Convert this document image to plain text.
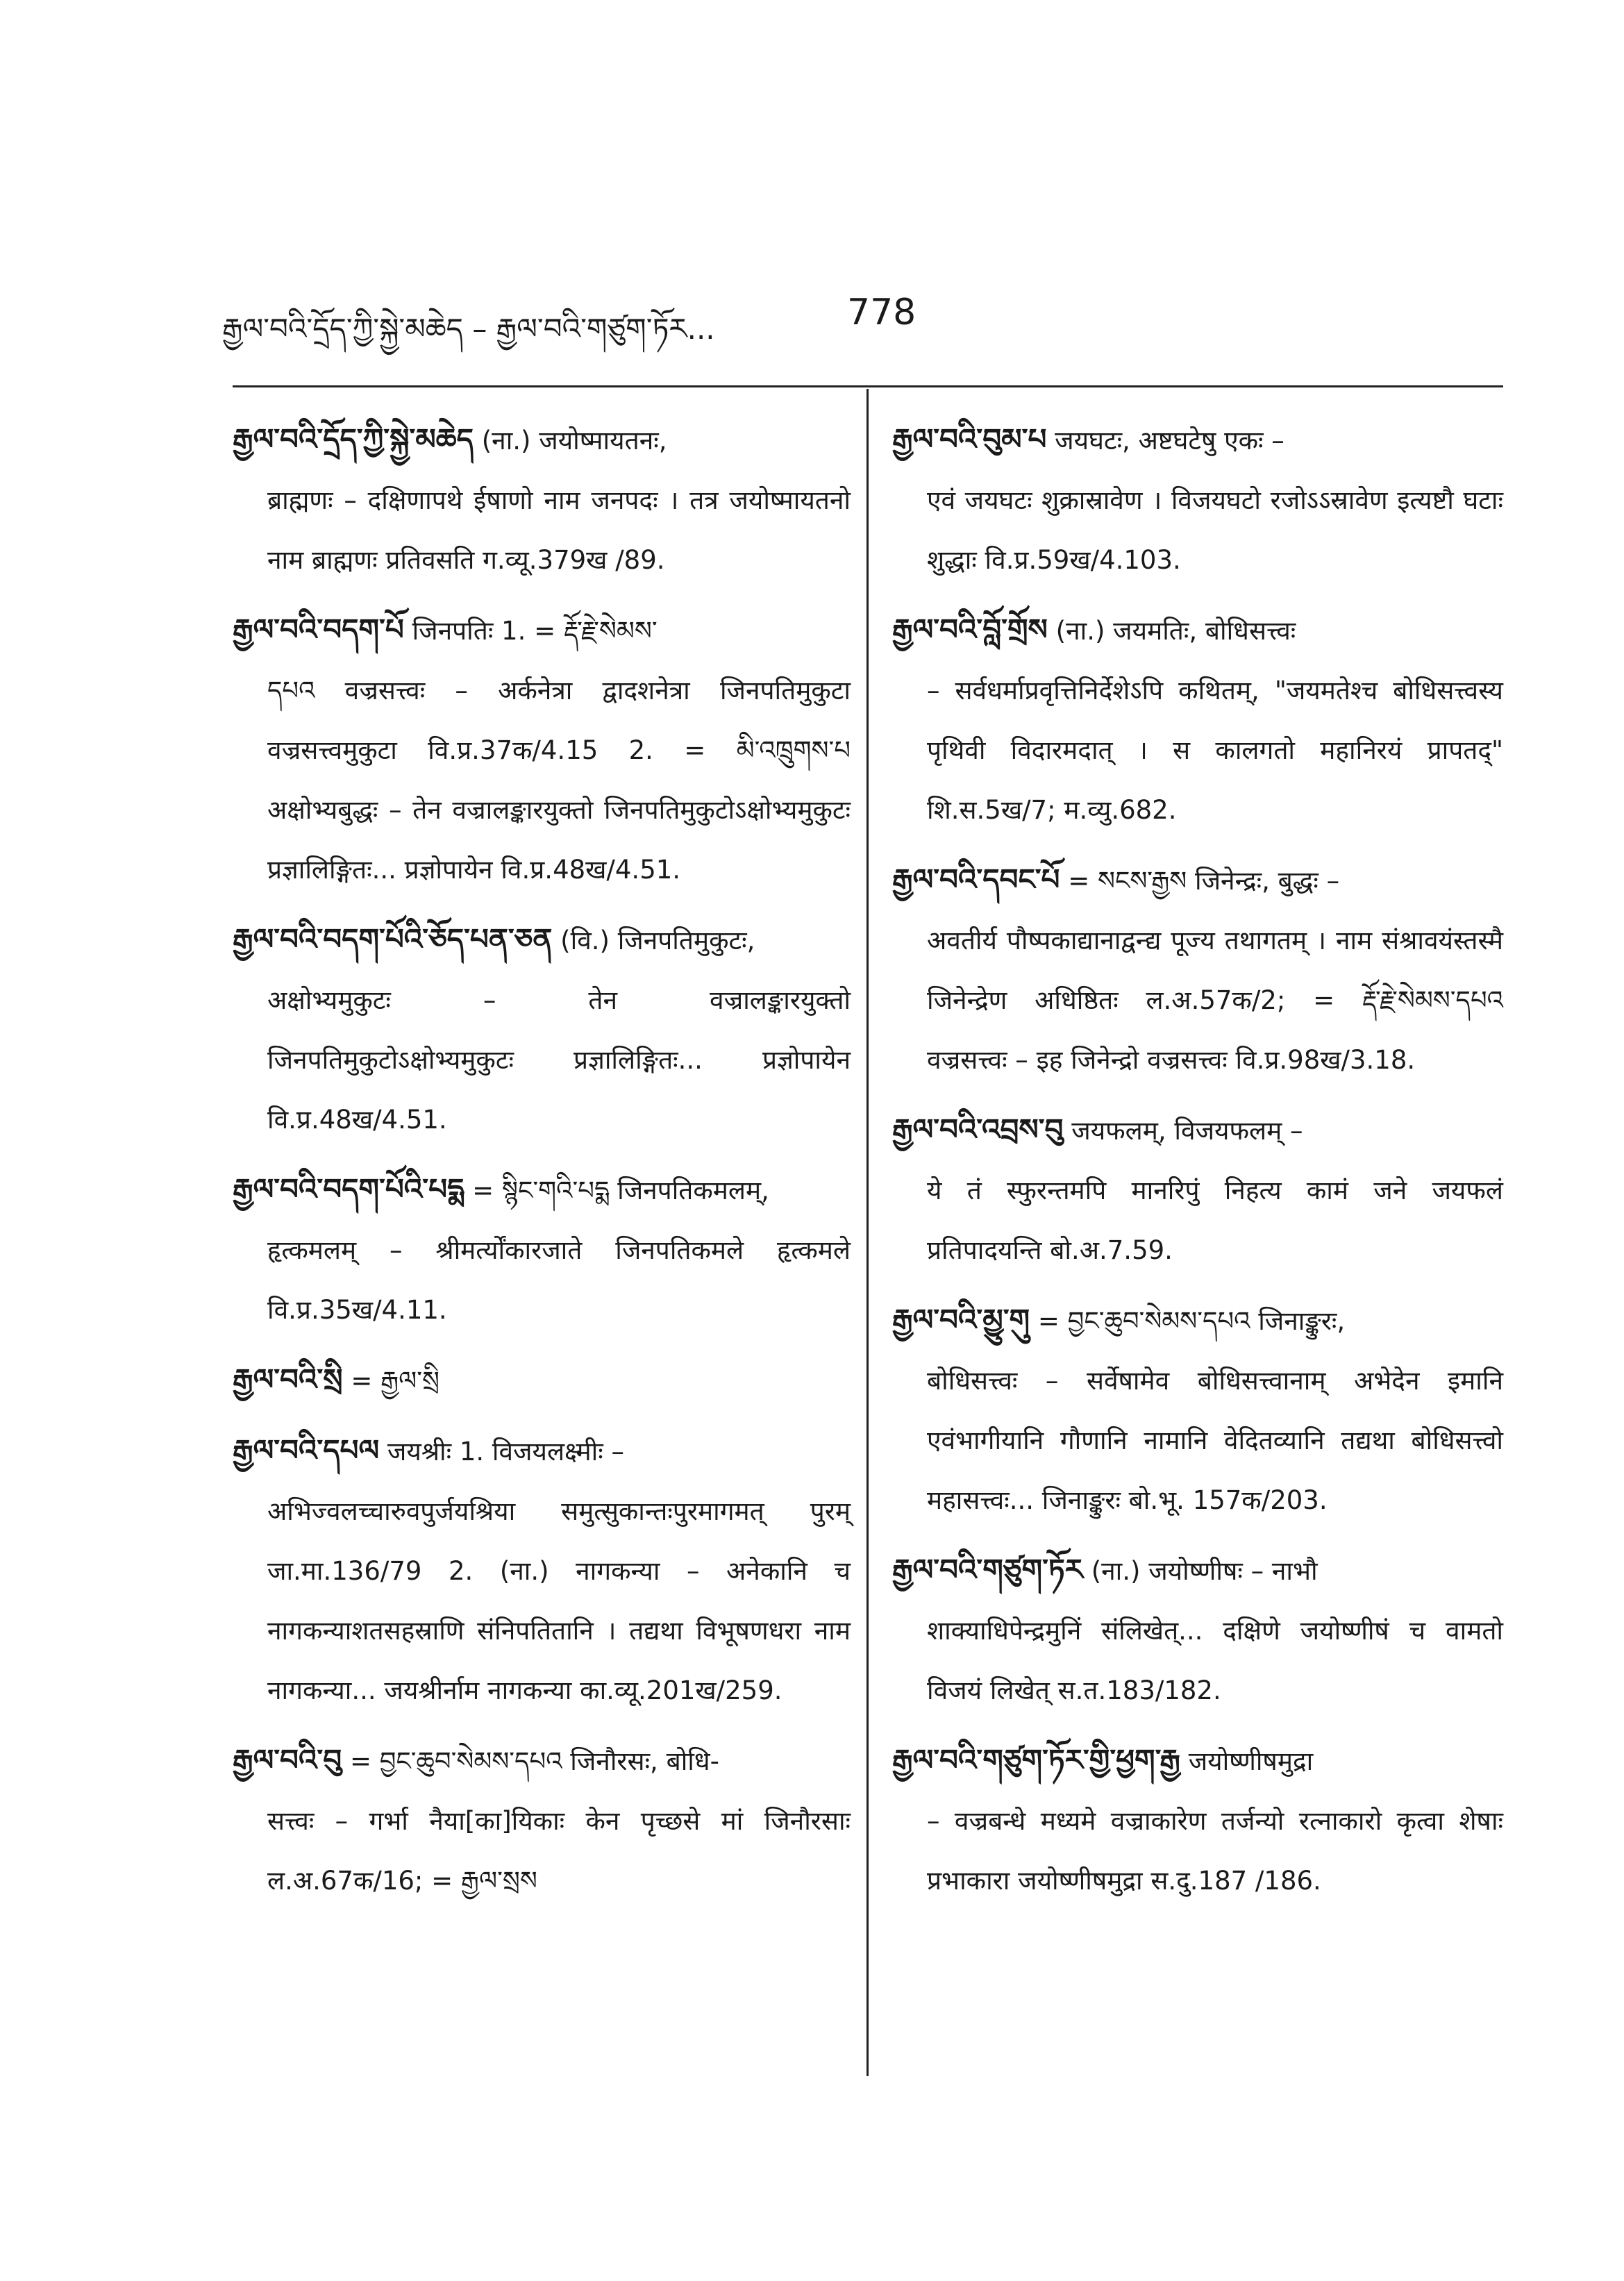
རྒྱལ་བའི་དྲོད་ཀྱི་སྐྱེ་མཆེད – རྒྱལ་བའི་གཙུག་ཏོར...	778
རྒྱལ་བའི་དྲོད་ཀྱི་སྐྱེ་མཆེད (ना.) जयोष्मायतनः,
ब्राह्मणः – दक्षिणापथे ईषाणो नाम जनपदः । तत्र जयोष्मायतनो नाम ब्राह्मणः प्रतिवसति ग.व्यू.379ख /89.
རྒྱལ་བའི་བདག་པོ जिनपतिः 1. = རྡོ་རྗེ་སེམས་
དཔའ वज्रसत्त्वः – अर्कनेत्रा द्वादशनेत्रा जिनपतिमुकुटा वज्रसत्त्वमुकुटा वि.प्र.37क/4.15 2. = མི་འཁྲུགས་པ अक्षोभ्यबुद्धः – तेन वज्रालङ्कारयुक्तो जिनपतिमुकुटोऽक्षोभ्यमुकुटः प्रज्ञालिङ्गितः... प्रज्ञोपायेन वि.प्र.48ख/4.51.
རྒྱལ་བའི་བདག་པོའི་ཅོད་པན་ཅན (वि.) जिनपतिमुकुटः,
अक्षोभ्यमुकुटः – तेन वज्रालङ्कारयुक्तो जिनपतिमुकुटोऽक्षोभ्यमुकुटः प्रज्ञालिङ्गितः... प्रज्ञोपायेन वि.प्र.48ख/4.51.
རྒྱལ་བའི་བདག་པོའི་པདྨ = སྙིང་གའི་པདྨ जिनपतिकमलम्,
हृत्कमलम् – श्रीमर्त्योंकारजाते जिनपतिकमले हृत्कमले वि.प्र.35ख/4.11.
རྒྱལ་བའི་སྲི = རྒྱལ་སྲི
རྒྱལ་བའི་དཔལ जयश्रीः 1. विजयलक्ष्मीः –
अभिज्वलच्चारुवपुर्जयश्रिया समुत्सुकान्तःपुरमागमत् पुरम् जा.मा.136/79 2. (ना.) नागकन्या – अनेकानि च नागकन्याशतसहस्राणि संनिपतितानि । तद्यथा विभूषणधरा नाम नागकन्या... जयश्रीर्नाम नागकन्या का.व्यू.201ख/259.
རྒྱལ་བའི་བུ = བྱང་ཆུབ་སེམས་དཔའ जिनौरसः, बोधि-
सत्त्वः – गर्भा नैया[का]यिकाः केन पृच्छसे मां जिनौरसाः ल.अ.67क/16; = རྒྱལ་སྲས
རྒྱལ་བའི་བུམ་པ जयघटः, अष्टघटेषु एकः –
एवं जयघटः शुक्रास्रावेण । विजयघटो रजोऽऽस्रावेण इत्यष्टौ घटाः शुद्धाः वि.प्र.59ख/4.103.
རྒྱལ་བའི་བློ་གྲོས (ना.) जयमतिः, बोधिसत्त्वः
– सर्वधर्माप्रवृत्तिनिर्देशेऽपि कथितम्, "जयमतेश्च बोधिसत्त्वस्य पृथिवी विदारमदात् । स कालगतो महानिरयं प्रापतद्" शि.स.5ख/7; म.व्यु.682.
རྒྱལ་བའི་དབང་པོ = སངས་རྒྱས जिनेन्द्रः, बुद्धः –
अवतीर्य पौष्पकाद्यानाद्वन्द्य पूज्य तथागतम् । नाम संश्रावयंस्तस्मै जिनेन्द्रेण अधिष्ठितः ल.अ.57क/2; = རྡོ་རྗེ་སེམས་དཔའ वज्रसत्त्वः – इह जिनेन्द्रो वज्रसत्त्वः वि.प्र.98ख/3.18.
རྒྱལ་བའི་འབྲས་བུ जयफलम्, विजयफलम् –
ये तं स्फुरन्तमपि मानरिपुं निहत्य कामं जने जयफलं प्रतिपादयन्ति बो.अ.7.59.
རྒྱལ་བའི་མྱུ་གུ = བྱང་ཆུབ་སེམས་དཔའ जिनाङ्कुरः,
बोधिसत्त्वः – सर्वेषामेव बोधिसत्त्वानाम् अभेदेन इमानि एवंभागीयानि गौणानि नामानि वेदितव्यानि तद्यथा बोधिसत्त्वो महासत्त्वः... जिनाङ्कुरः बो.भू. 157क/203.
རྒྱལ་བའི་གཙུག་ཏོར (ना.) जयोष्णीषः – नाभौ
शाक्याधिपेन्द्रमुनिं संलिखेत्... दक्षिणे जयोष्णीषं च वामतो विजयं लिखेत् स.त.183/182.
རྒྱལ་བའི་གཙུག་ཏོར་གྱི་ཕྱག་རྒྱ जयोष्णीषमुद्रा
– वज्रबन्धे मध्यमे वज्राकारेण तर्जन्यो रत्नाकारो कृत्वा शेषाः प्रभाकारा जयोष्णीषमुद्रा स.दु.187 /186.
